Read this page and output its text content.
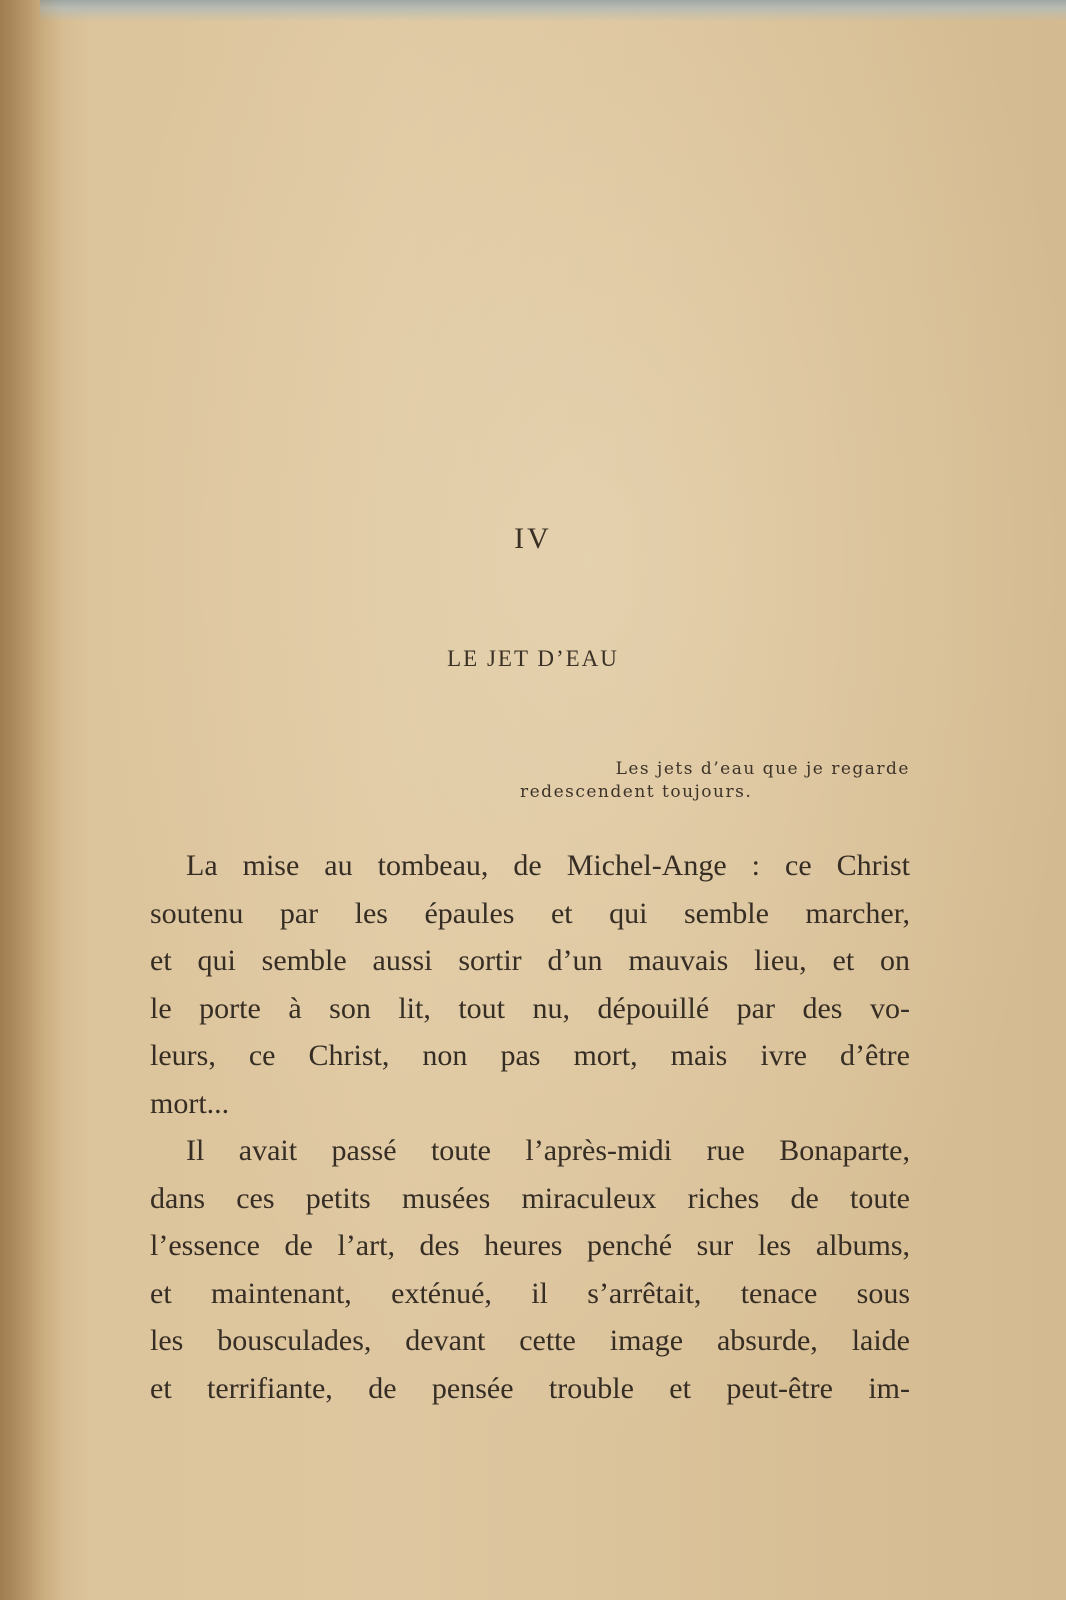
IV
LE JET D’EAU
Les jets d’eau que je regarde
redescendent toujours.
La mise au tombeau, de Michel-Ange : ce Christ
soutenu par les épaules et qui semble marcher,
et qui semble aussi sortir d’un mauvais lieu, et on
le porte à son lit, tout nu, dépouillé par des vo-
leurs, ce Christ, non pas mort, mais ivre d’être
mort...
Il avait passé toute l’après-midi rue Bonaparte,
dans ces petits musées miraculeux riches de toute
l’essence de l’art, des heures penché sur les albums,
et maintenant, exténué, il s’arrêtait, tenace sous
les bousculades, devant cette image absurde, laide
et terrifiante, de pensée trouble et peut-être im-
